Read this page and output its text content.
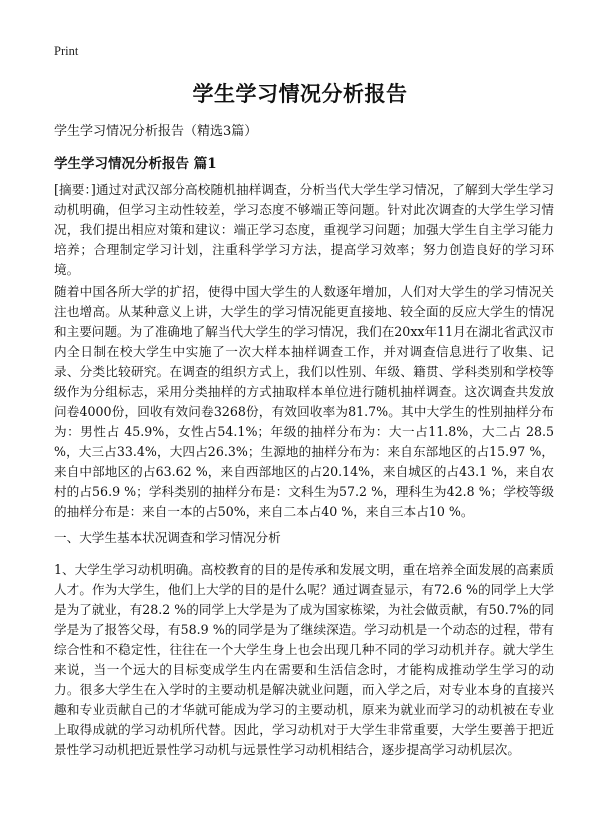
Print
学生学习情况分析报告
学生学习情况分析报告（精选3篇）
学生学习情况分析报告 篇1

[摘要：]通过对武汉部分高校随机抽样调查，分析当代大学生学习情况，了解到大学生学习动机明确，但学习主动性较差，学习态度不够端正等问题。针对此次调查的大学生学习情况，我们提出相应对策和建议：端正学习态度，重视学习问题；加强大学生自主学习能力培养；合理制定学习计划，注重科学学习方法，提高学习效率；努力创造良好的学习环境。

随着中国各所大学的扩招，使得中国大学生的人数逐年增加，人们对大学生的学习情况关注也增高。从某种意义上讲，大学生的学习情况能更直接地、较全面的反应大学生的情况和主要问题。为了准确地了解当代大学生的学习情况，我们在20xx年11月在湖北省武汉市内全日制在校大学生中实施了一次大样本抽样调查工作，并对调查信息进行了收集、记录、分类比较研究。在调查的组织方式上，我们以性别、年级、籍贯、学科类别和学校等级作为分组标志，采用分类抽样的方式抽取样本单位进行随机抽样调查。这次调查共发放问卷4000份，回收有效问卷3268份，有效回收率为81.7%。其中大学生的性别抽样分布为：男性占 45.9%，女性占54.1%；年级的抽样分布为：大一占11.8%，大二占 28.5 %，大三占33.4%，大四占26.3%；生源地的抽样分布为：来自东部地区的占15.97 %，来自中部地区的占63.62 %，来自西部地区的占20.14%，来自城区的占43.1 %，来自农村的占56.9 %；学科类别的抽样分布是：文科生为57.2 %，理科生为42.8 %；学校等级的抽样分布是：来自一本的占50%，来自二本占40 %，来自三本占10 %。

一、大学生基本状况调查和学习情况分析

1、大学生学习动机明确。高校教育的目的是传承和发展文明，重在培养全面发展的高素质人才。作为大学生，他们上大学的目的是什么呢？通过调查显示，有72.6 %的同学上大学是为了就业，有28.2 %的同学上大学是为了成为国家栋梁，为社会做贡献，有50.7%的同学是为了报答父母，有58.9 %的同学是为了继续深造。学习动机是一个动态的过程，带有综合性和不稳定性，往往在一个大学生身上也会出现几种不同的学习动机并存。就大学生来说，当一个远大的目标变成学生内在需要和生活信念时，才能构成推动学生学习的动力。很多大学生在入学时的主要动机是解决就业问题，而入学之后，对专业本身的直接兴趣和专业贡献自己的才华就可能成为学习的主要动机，原来为就业而学习的动机被在专业上取得成就的学习动机所代替。因此，学习动机对于大学生非常重要，大学生要善于把近景性学习动机把近景性学习动机与远景性学习动机相结合，逐步提高学习动机层次。
